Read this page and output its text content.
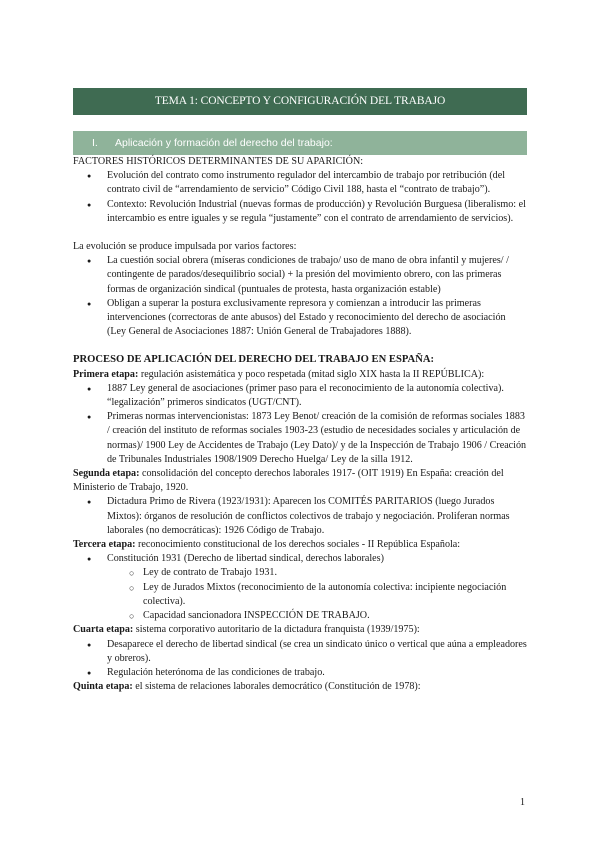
TEMA 1: CONCEPTO Y CONFIGURACIÓN DEL TRABAJO
I. Aplicación y formación del derecho del trabajo:

FACTORES HISTÓRICOS DETERMINANTES DE SU APARICIÓN:

● Evolución del contrato como instrumento regulador del intercambio de trabajo por retribución (del contrato civil de “arrendamiento de servicio” Código Civil 188, hasta el “contrato de trabajo”).
● Contexto: Revolución Industrial (nuevas formas de producción) y Revolución Burguesa (liberalismo: el intercambio es entre iguales y se regula “justamente” con el contrato de arrendamiento de servicios).

La evolución se produce impulsada por varios factores:

● La cuestión social obrera (míseras condiciones de trabajo/ uso de mano de obra infantil y mujeres/ / contingente de parados/desequilibrio social) + la presión del movimiento obrero, con las primeras formas de organización sindical (puntuales de protesta, hasta organización estable)
● Obligan a superar la postura exclusivamente represora y comienzan a introducir las primeras intervenciones (correctoras de ante abusos) del Estado y reconocimiento del derecho de asociación (Ley General de Asociaciones 1887: Unión General de Trabajadores 1888).

PROCESO DE APLICACIÓN DEL DERECHO DEL TRABAJO EN ESPAÑA:

Primera etapa: regulación asistemática y poco respetada (mitad siglo XIX hasta la II REPÚBLICA):

● 1887 Ley general de asociaciones (primer paso para el reconocimiento de la autonomía colectiva). “legalización” primeros sindicatos (UGT/CNT).
● Primeras normas intervencionistas: 1873 Ley Benot/ creación de la comisión de reformas sociales 1883 / creación del instituto de reformas sociales 1903-23 (estudio de necesidades sociales y articulación de normas)/ 1900 Ley de Accidentes de Trabajo (Ley Dato)/ y de la Inspección de Trabajo 1906 / Creación de Tribunales Industriales 1908/1909 Derecho Huelga/ Ley de la silla 1912.

Segunda etapa: consolidación del concepto derechos laborales 1917- (OIT 1919) En España: creación del Ministerio de Trabajo, 1920.

● Dictadura Primo de Rivera (1923/1931): Aparecen los COMITÉS PARITARIOS (luego Jurados Mixtos): órganos de resolución de conflictos colectivos de trabajo y negociación. Proliferan normas laborales (no democráticas): 1926 Código de Trabajo.

Tercera etapa: reconocimiento constitucional de los derechos sociales - II República Española:

● Constitución 1931 (Derecho de libertad sindical, derechos laborales)
○ Ley de contrato de Trabajo 1931.
○ Ley de Jurados Mixtos (reconocimiento de la autonomía colectiva: incipiente negociación colectiva).
○ Capacidad sancionadora INSPECCIÓN DE TRABAJO.

Cuarta etapa: sistema corporativo autoritario de la dictadura franquista (1939/1975):

● Desaparece el derecho de libertad sindical (se crea un sindicato único o vertical que aúna a empleadores y obreros).
● Regulación heterónoma de las condiciones de trabajo.

Quinta etapa: el sistema de relaciones laborales democrático (Constitución de 1978):

1
